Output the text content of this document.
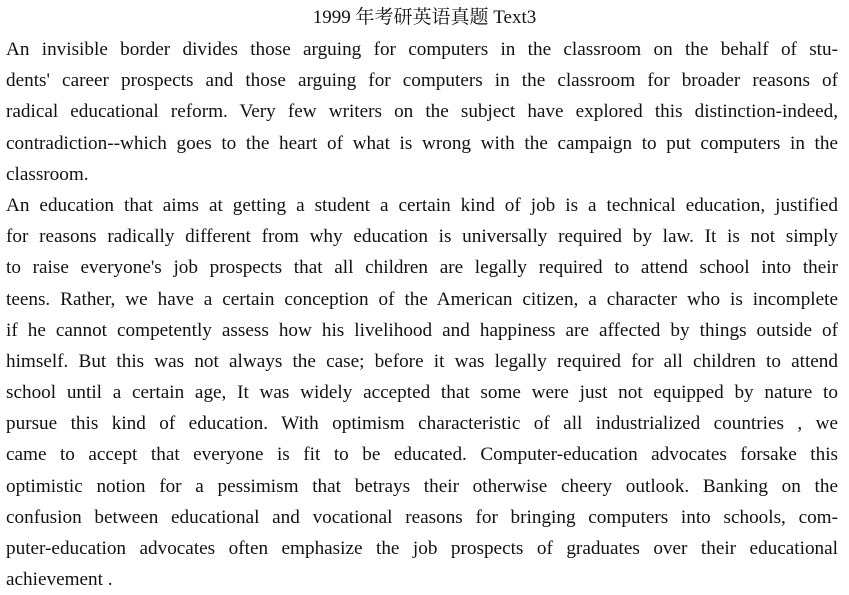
1999 年考研英语真题 Text3
An invisible border divides those arguing for computers in the classroom on the behalf of stu-
dents' career prospects and those arguing for computers in the classroom for broader reasons of
radical educational reform. Very few writers on the subject have explored this distinction-indeed,
contradiction--which goes to the heart of what is wrong with the campaign to put computers in the
classroom.
An education that aims at getting a student a certain kind of job is a technical education, justified
for reasons radically different from why education is universally required by law. It is not simply
to raise everyone's job prospects that all children are legally required to attend school into their
teens. Rather, we have a certain conception of the American citizen, a character who is incomplete
if he cannot competently assess how his livelihood and happiness are affected by things outside of
himself. But this was not always the case; before it was legally required for all children to attend
school until a certain age, It was widely accepted that some were just not equipped by nature to
pursue this kind of education. With optimism characteristic of all industrialized countries , we
came to accept that everyone is fit to be educated. Computer-education advocates forsake this
optimistic notion for a pessimism that betrays their otherwise cheery outlook. Banking on the
confusion between educational and vocational reasons for bringing computers into schools, com-
puter-education advocates often emphasize the job prospects of graduates over their educational
achievement .
